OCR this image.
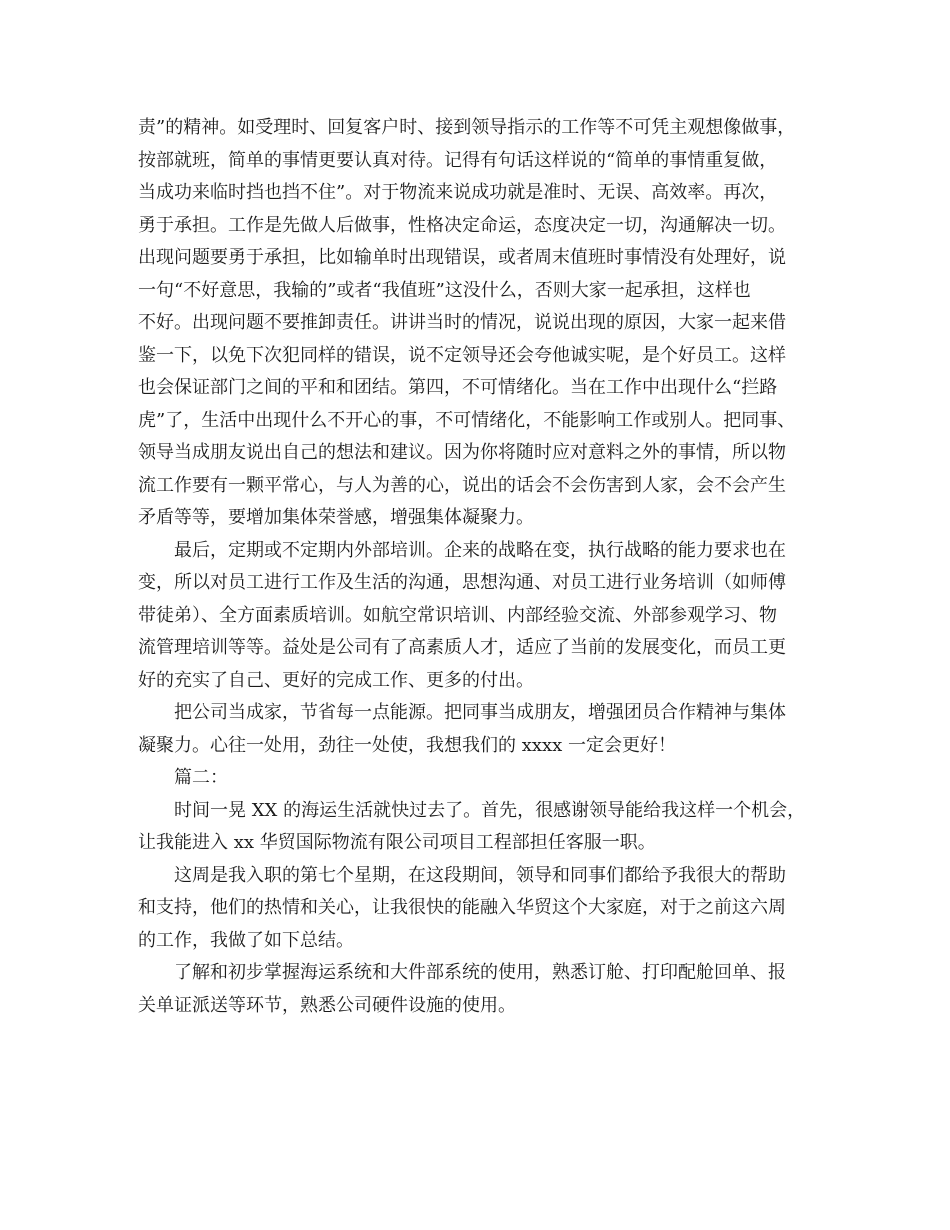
责”的精神。如受理时、回复客户时、接到领导指示的工作等不可凭主观想像做事，
按部就班，简单的事情更要认真对待。记得有句话这样说的“简单的事情重复做，
当成功来临时挡也挡不住”。对于物流来说成功就是准时、无误、高效率。再次，
勇于承担。工作是先做人后做事，性格决定命运，态度决定一切，沟通解决一切。
出现问题要勇于承担，比如输单时出现错误，或者周末值班时事情没有处理好，说
一句“不好意思，我输的”或者“我值班”这没什么，否则大家一起承担，这样也
不好。出现问题不要推卸责任。讲讲当时的情况，说说出现的原因，大家一起来借
鉴一下，以免下次犯同样的错误，说不定领导还会夸他诚实呢，是个好员工。这样
也会保证部门之间的平和和团结。第四，不可情绪化。当在工作中出现什么“拦路
虎”了，生活中出现什么不开心的事，不可情绪化，不能影响工作或别人。把同事、
领导当成朋友说出自己的想法和建议。因为你将随时应对意料之外的事情，所以物
流工作要有一颗平常心，与人为善的心，说出的话会不会伤害到人家，会不会产生
矛盾等等，要增加集体荣誉感，增强集体凝聚力。
最后，定期或不定期内外部培训。企来的战略在变，执行战略的能力要求也在
变，所以对员工进行工作及生活的沟通，思想沟通、对员工进行业务培训（如师傅
带徒弟）、全方面素质培训。如航空常识培训、内部经验交流、外部参观学习、物
流管理培训等等。益处是公司有了高素质人才，适应了当前的发展变化，而员工更
好的充实了自己、更好的完成工作、更多的付出。
把公司当成家，节省每一点能源。把同事当成朋友，增强团员合作精神与集体
凝聚力。心往一处用，劲往一处使，我想我们的 xxxx 一定会更好！
篇二：
时间一晃 XX 的海运生活就快过去了。首先，很感谢领导能给我这样一个机会，
让我能进入 xx 华贸国际物流有限公司项目工程部担任客服一职。
这周是我入职的第七个星期，在这段期间，领导和同事们都给予我很大的帮助
和支持，他们的热情和关心，让我很快的能融入华贸这个大家庭，对于之前这六周
的工作，我做了如下总结。
了解和初步掌握海运系统和大件部系统的使用，熟悉订舱、打印配舱回单、报
关单证派送等环节，熟悉公司硬件设施的使用。
